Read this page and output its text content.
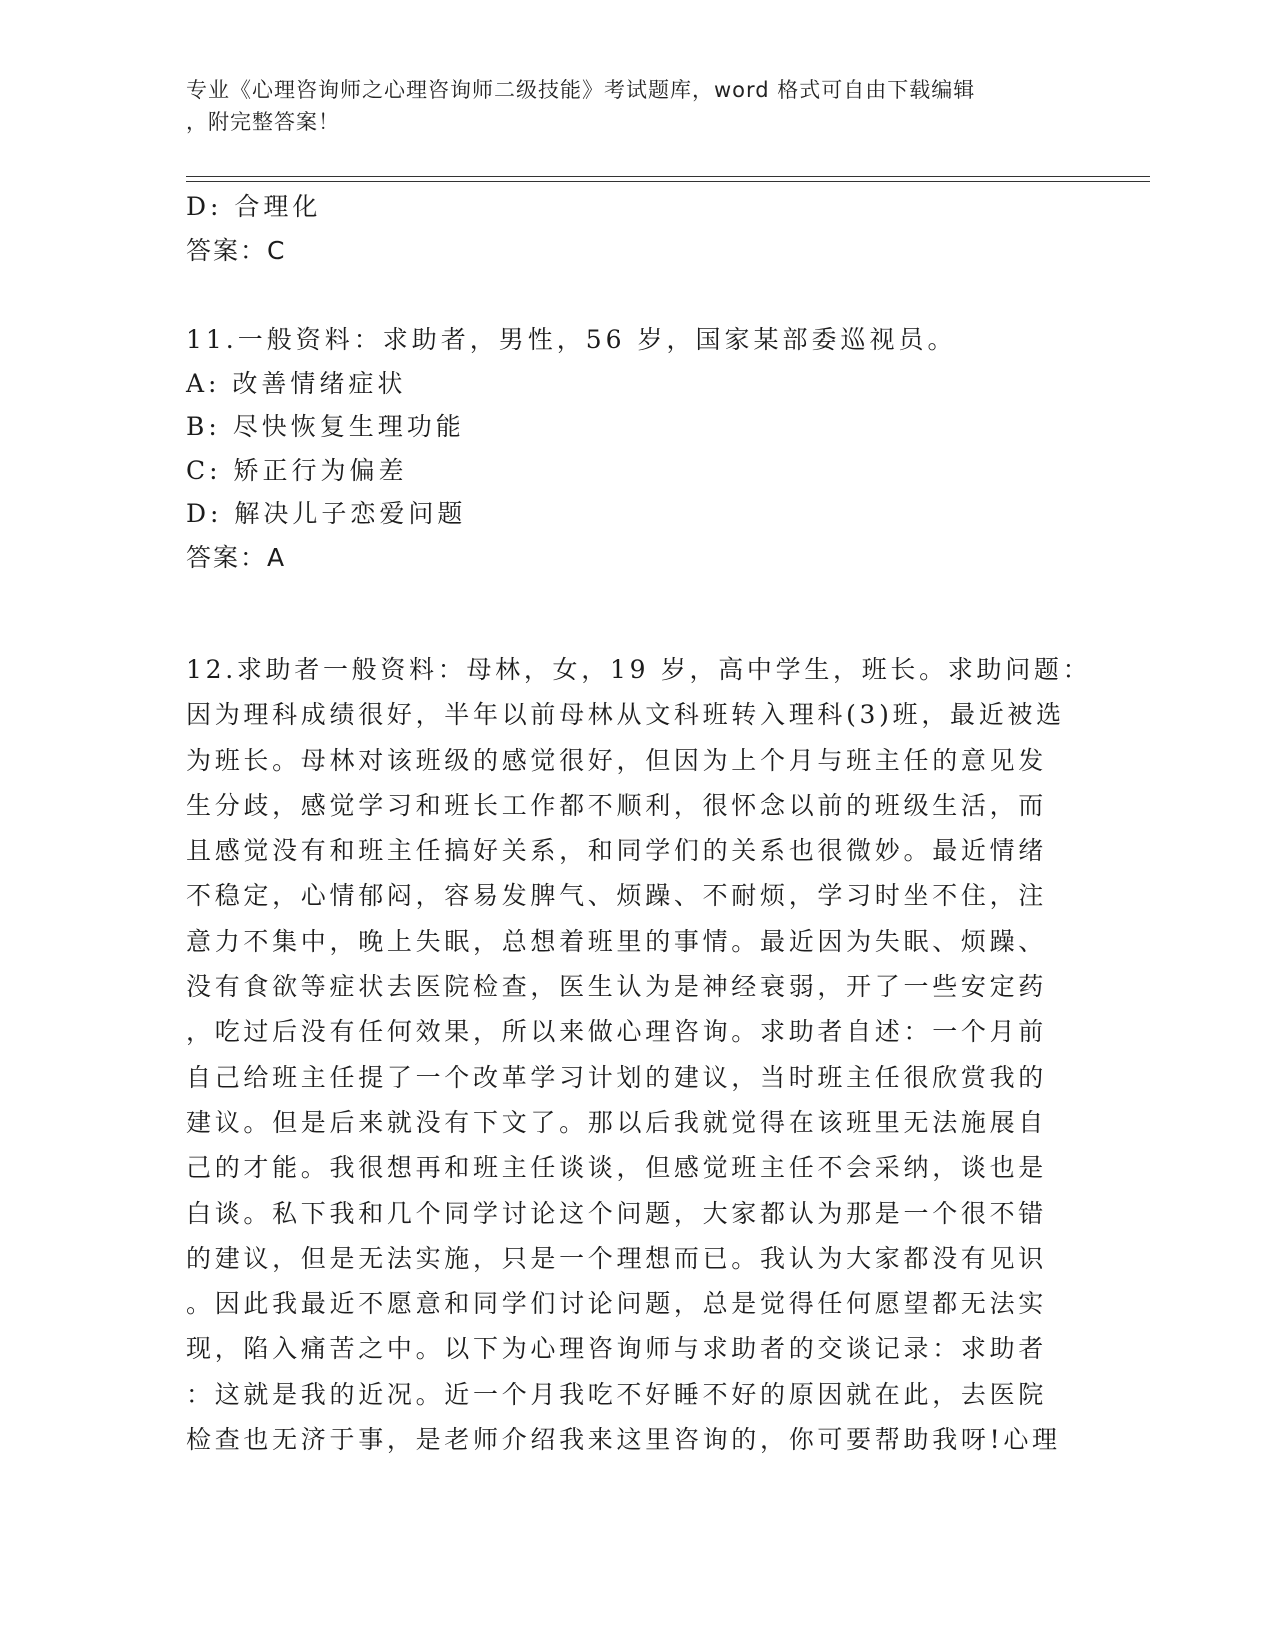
专业《心理咨询师之心理咨询师二级技能》考试题库，word 格式可自由下载编辑
，附完整答案！
D: 合理化
答案：C
11.一般资料：求助者，男性，56 岁，国家某部委巡视员。
A: 改善情绪症状
B: 尽快恢复生理功能
C: 矫正行为偏差
D: 解决儿子恋爱问题
答案：A
12.求助者一般资料：母林，女，19 岁，高中学生，班长。求助问题：
因为理科成绩很好，半年以前母林从文科班转入理科(3)班，最近被选
为班长。母林对该班级的感觉很好，但因为上个月与班主任的意见发
生分歧，感觉学习和班长工作都不顺利，很怀念以前的班级生活，而
且感觉没有和班主任搞好关系，和同学们的关系也很微妙。最近情绪
不稳定，心情郁闷，容易发脾气、烦躁、不耐烦，学习时坐不住，注
意力不集中，晚上失眠，总想着班里的事情。最近因为失眠、烦躁、
没有食欲等症状去医院检查，医生认为是神经衰弱，开了一些安定药
，吃过后没有任何效果，所以来做心理咨询。求助者自述：一个月前
自己给班主任提了一个改革学习计划的建议，当时班主任很欣赏我的
建议。但是后来就没有下文了。那以后我就觉得在该班里无法施展自
己的才能。我很想再和班主任谈谈，但感觉班主任不会采纳，谈也是
白谈。私下我和几个同学讨论这个问题，大家都认为那是一个很不错
的建议，但是无法实施，只是一个理想而已。我认为大家都没有见识
。因此我最近不愿意和同学们讨论问题，总是觉得任何愿望都无法实
现，陷入痛苦之中。以下为心理咨询师与求助者的交谈记录：求助者
：这就是我的近况。近一个月我吃不好睡不好的原因就在此，去医院
检查也无济于事，是老师介绍我来这里咨询的，你可要帮助我呀!心理
